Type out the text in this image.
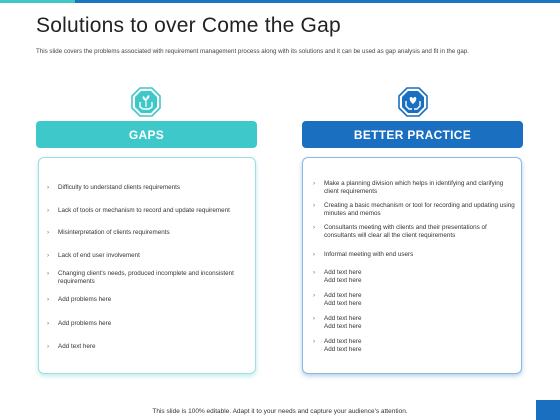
Solutions to over Come the Gap
This slide covers the problems associated with requirement management process along with its solutions and it can be used as gap analysis and fit in the gap.
GAPS	BETTER PRACTICE
› Difficulty to understand clients requirements
› Lack of tools or mechanism to record and update requirement
› Misinterpretation of clients requirements
› Lack of end user involvement
› Changing client's needs, produced incomplete and inconsistent requirements
› Add problems here
› Add problems here
› Add text here
› Make a planning division which helps in identifying and clarifying client requirements
› Creating a basic mechanism or tool for recording and updating using minutes and memos
› Consultants meeting with clients and their presentations of consultants will clear all the client requirements
› Informal meeting with end users
› Add text here
Add text here
› Add text here
Add text here
› Add text here
Add text here
› Add text here
Add text here
This slide is 100% editable. Adapt it to your needs and capture your audience's attention.
